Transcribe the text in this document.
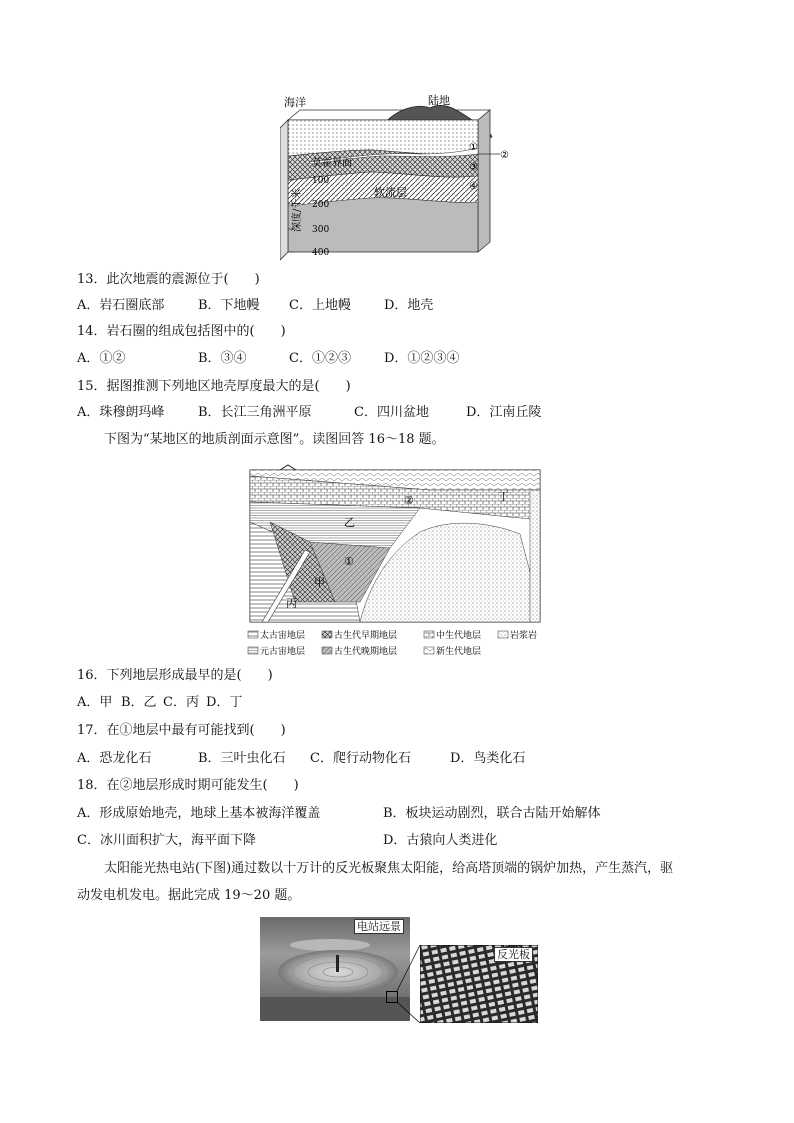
海洋	陆地
莫霍界面
软流层
深度/千米
100
200
300
400
①
②
③
④
13．此次地震的震源位于(　　)
A．岩石圈底部	B．下地幔 C．上地幔	D．地壳
14．岩石圈的组成包括图中的(　　)
A．①②	B．③④	C．①②③	D．①②③④
15．据图推测下列地区地壳厚度最大的是(　　)
A．珠穆朗玛峰	B．长江三角洲平原	C．四川盆地	D．江南丘陵
下图为“某地区的地质剖面示意图”。读图回答 16～18 题。
甲
乙
丙
丁
①
②
太古宙地层	古生代早期地层	中生代地层	岩浆岩
元古宙地层	古生代晚期地层	新生代地层
16．下列地层形成最早的是(　　)
A．甲 B．乙 C．丙 D．丁
17．在①地层中最有可能找到(　　)
A．恐龙化石	B．三叶虫化石 C．爬行动物化石	D．鸟类化石
18．在②地层形成时期可能发生(　　)
A．形成原始地壳，地球上基本被海洋覆盖	B．板块运动剧烈，联合古陆开始解体
C．冰川面积扩大，海平面下降	D．古猿向人类进化
太阳能光热电站(下图)通过数以十万计的反光板聚焦太阳能，给高塔顶端的锅炉加热，产生蒸汽，驱
动发电机发电。据此完成 19～20 题。
电站远景
反光板
